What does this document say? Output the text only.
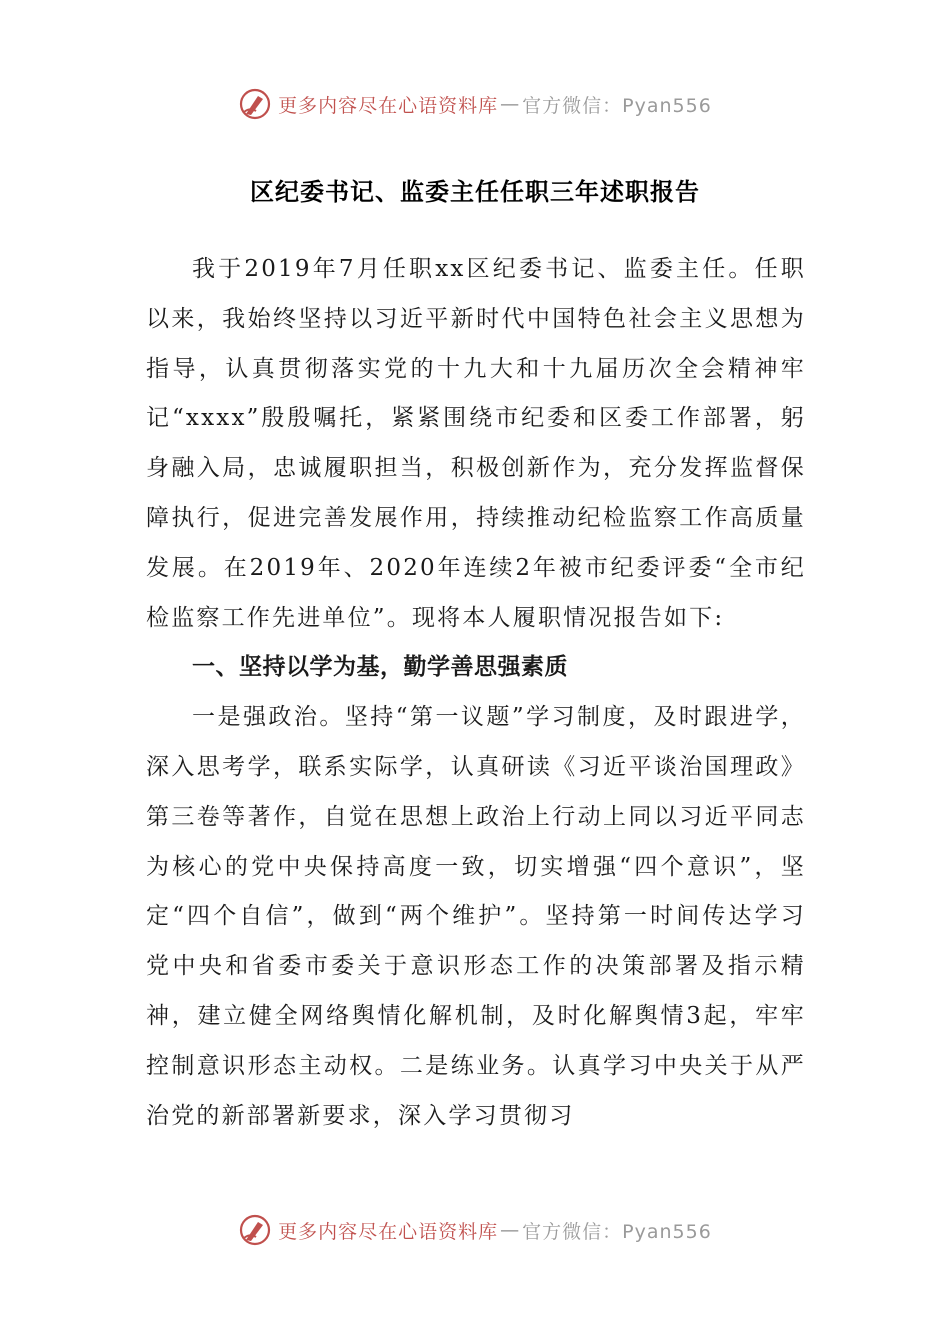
更多内容尽在心语资料库 — 官方微信：Pyan556
区纪委书记、监委主任任职三年述职报告

我于2019年7月任职xx区纪委书记、监委主任。任职以来，我始终坚持以习近平新时代中国特色社会主义思想为指导，认真贯彻落实党的十九大和十九届历次全会精神牢记“xxxx”殷殷嘱托，紧紧围绕市纪委和区委工作部署，躬身融入局，忠诚履职担当，积极创新作为，充分发挥监督保障执行，促进完善发展作用，持续推动纪检监察工作高质量发展。在2019年、2020年连续2年被市纪委评委“全市纪检监察工作先进单位”。现将本人履职情况报告如下:

一、坚持以学为基，勤学善思强素质

一是强政治。坚持“第一议题”学习制度，及时跟进学，深入思考学，联系实际学，认真研读《习近平谈治国理政》第三卷等著作，自觉在思想上政治上行动上同以习近平同志为核心的党中央保持高度一致，切实增强“四个意识”，坚定“四个自信”，做到“两个维护”。坚持第一时间传达学习党中央和省委市委关于意识形态工作的决策部署及指示精神，建立健全网络舆情化解机制，及时化解舆情3起，牢牢控制意识形态主动权。二是练业务。认真学习中央关于从严治党的新部署新要求，深入学习贯彻习

更多内容尽在心语资料库 — 官方微信：Pyan556
